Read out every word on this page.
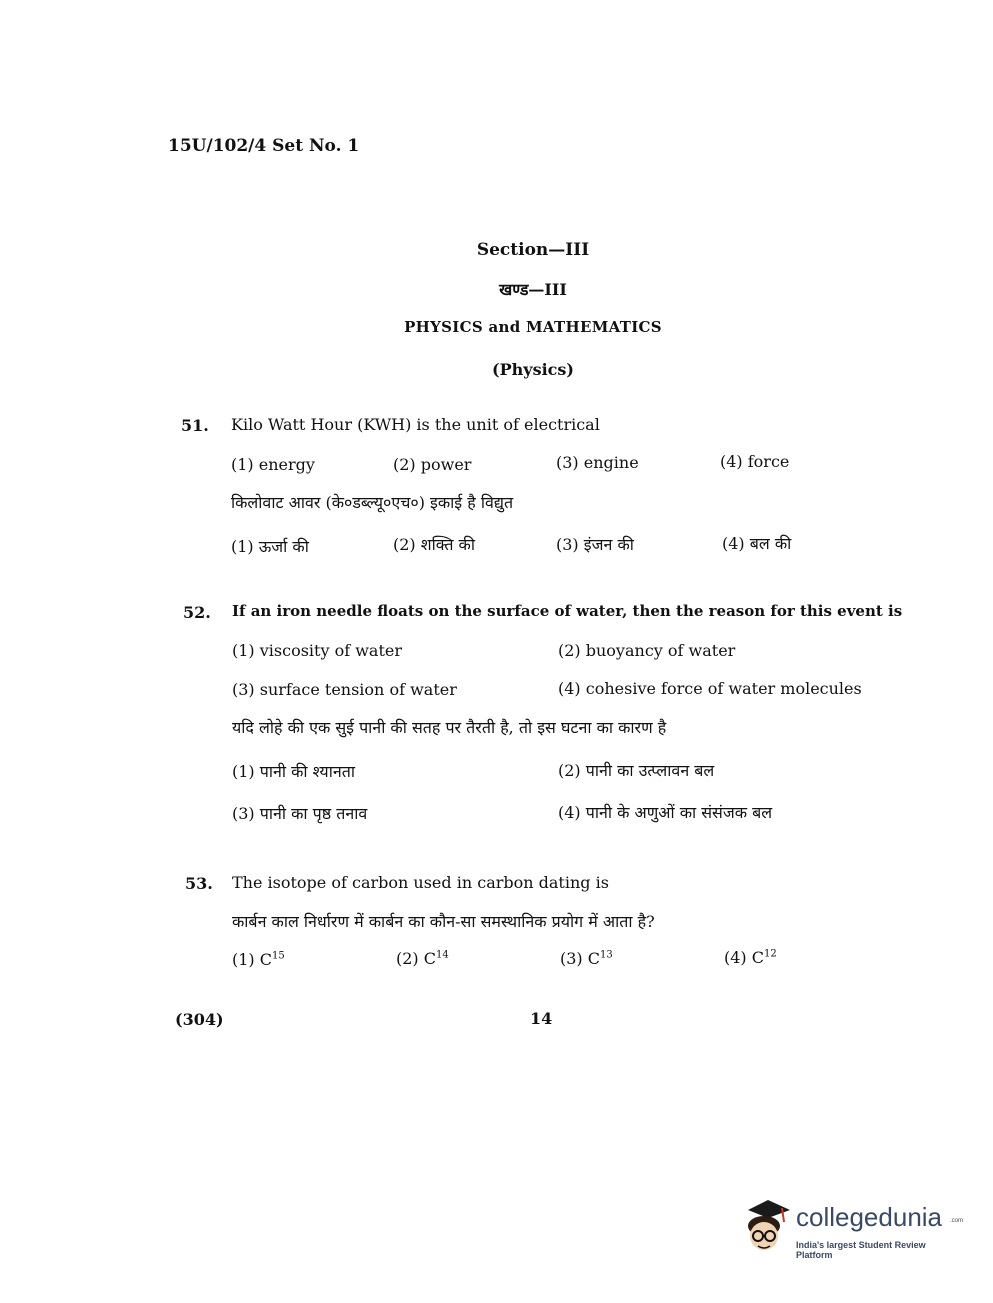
15U/102/4 Set No. 1
Section—III
खण्ड—III
PHYSICS and MATHEMATICS
(Physics)
51. Kilo Watt Hour (KWH) is the unit of electrical
(1) energy	(2) power	(3) engine	(4) force
किलोवाट आवर (के०डब्ल्यू०एच०) इकाई है विद्युत
(1) ऊर्जा की	(2) शक्ति की	(3) इंजन की	(4) बल की
52. If an iron needle floats on the surface of water, then the reason for this event is
(1) viscosity of water	(2) buoyancy of water
(3) surface tension of water	(4) cohesive force of water molecules
यदि लोहे की एक सुई पानी की सतह पर तैरती है, तो इस घटना का कारण है
(1) पानी की श्यानता	(2) पानी का उत्प्लावन बल
(3) पानी का पृष्ठ तनाव	(4) पानी के अणुओं का संसंजक बल
53. The isotope of carbon used in carbon dating is
कार्बन काल निर्धारण में कार्बन का कौन-सा समस्थानिक प्रयोग में आता है?
(1) $C^{15}$	(2) $C^{14}$	(3) $C^{13}$	(4) $C^{12}$
(304)	14
collegedunia .com
India's largest Student Review Platform
